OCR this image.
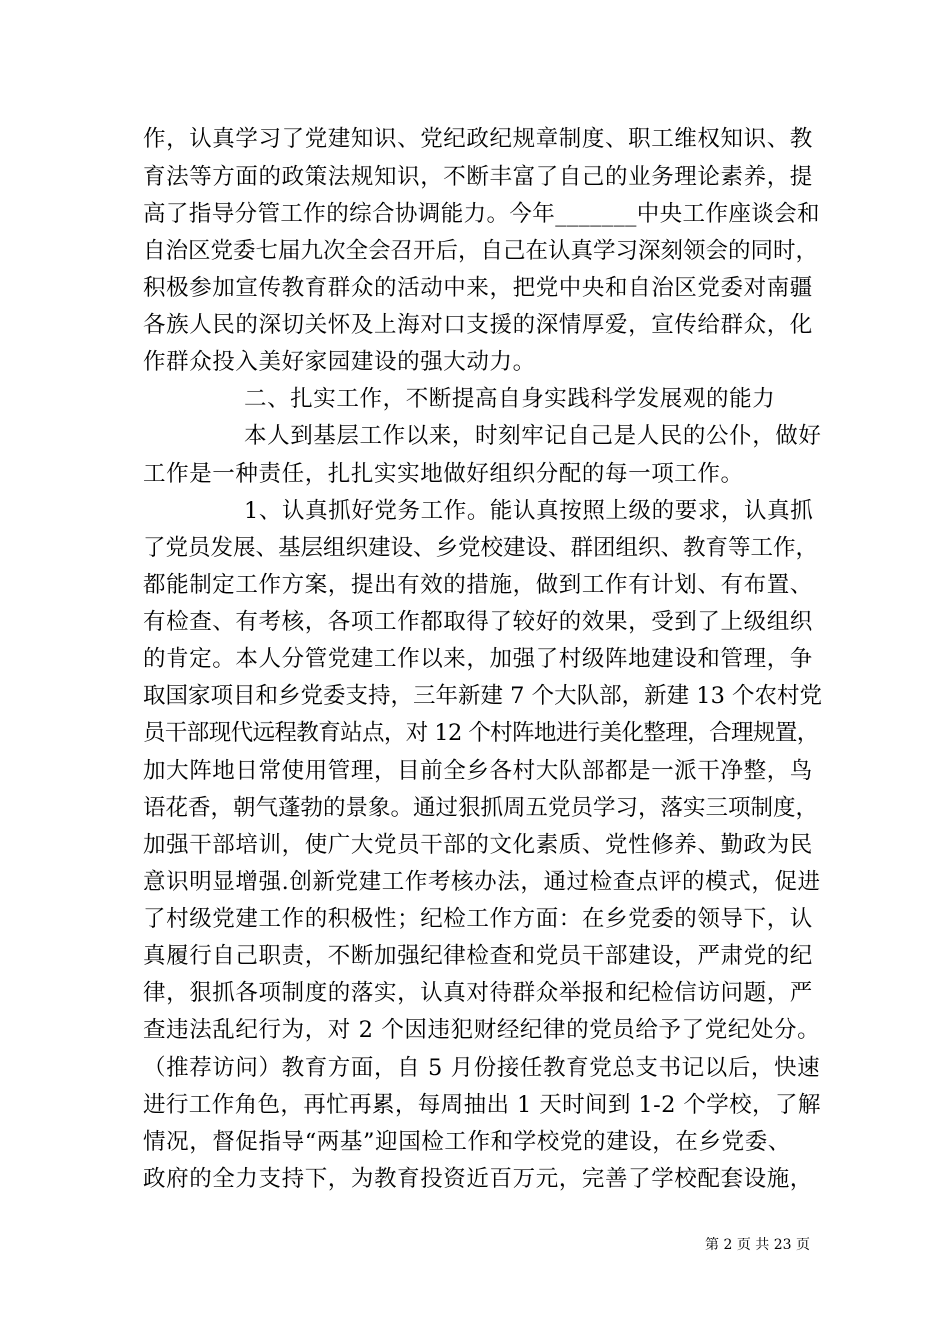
作，认真学习了党建知识、党纪政纪规章制度、职工维权知识、教
育法等方面的政策法规知识，不断丰富了自己的业务理论素养，提
高了指导分管工作的综合协调能力。今年_______中央工作座谈会和
自治区党委七届九次全会召开后，自己在认真学习深刻领会的同时，
积极参加宣传教育群众的活动中来，把党中央和自治区党委对南疆
各族人民的深切关怀及上海对口支援的深情厚爱，宣传给群众，化
作群众投入美好家园建设的强大动力。
二、扎实工作，不断提高自身实践科学发展观的能力
本人到基层工作以来，时刻牢记自己是人民的公仆，做好
工作是一种责任，扎扎实实地做好组织分配的每一项工作。
1、认真抓好党务工作。能认真按照上级的要求，认真抓
了党员发展、基层组织建设、乡党校建设、群团组织、教育等工作，
都能制定工作方案，提出有效的措施，做到工作有计划、有布置、
有检查、有考核，各项工作都取得了较好的效果，受到了上级组织
的肯定。本人分管党建工作以来，加强了村级阵地建设和管理，争
取国家项目和乡党委支持，三年新建 7 个大队部，新建 13 个农村党
员干部现代远程教育站点，对 12 个村阵地进行美化整理，合理规置，
加大阵地日常使用管理，目前全乡各村大队部都是一派干净整，鸟
语花香，朝气蓬勃的景象。通过狠抓周五党员学习，落实三项制度，
加强干部培训，使广大党员干部的文化素质、党性修养、勤政为民
意识明显增强.创新党建工作考核办法，通过检查点评的模式，促进
了村级党建工作的积极性；纪检工作方面：在乡党委的领导下，认
真履行自己职责，不断加强纪律检查和党员干部建设，严肃党的纪
律，狠抓各项制度的落实，认真对待群众举报和纪检信访问题，严
查违法乱纪行为，对 2 个因违犯财经纪律的党员给予了党纪处分。
（推荐访问）教育方面，自 5 月份接任教育党总支书记以后，快速
进行工作角色，再忙再累，每周抽出 1 天时间到 1-2 个学校，了解
情况，督促指导“两基”迎国检工作和学校党的建设，在乡党委、
政府的全力支持下，为教育投资近百万元，完善了学校配套设施，
第 2 页 共 23 页
